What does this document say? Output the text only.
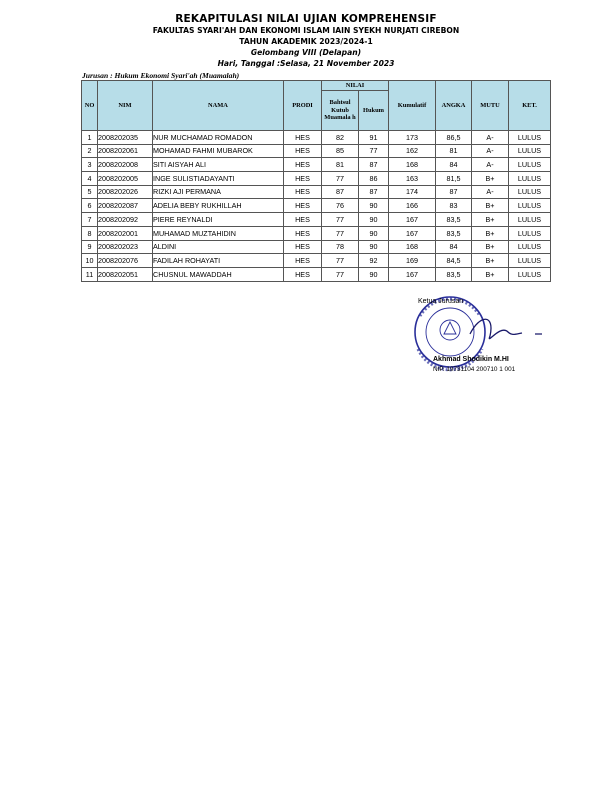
REKAPITULASI NILAI UJIAN KOMPREHENSIF
FAKULTAS SYARI'AH DAN EKONOMI ISLAM IAIN SYEKH NURJATI CIREBON
TAHUN AKADEMIK 2023/2024-1
Gelombang VIII (Delapan)
Hari, Tanggal :Selasa, 21 November 2023
Jurusan : Hukum Ekonomi Syari'ah (Muamalah)
NO	NIM	NAMA	PRODI	NILAI		Kumulatif	ANGKA	MUTU	KET.
				Bahtsul Kutub Muamala h	Hukum				
1	2008202035	NUR MUCHAMAD ROMADON	HES	82	91	173	86,5	A-	LULUS
2	2008202061	MOHAMAD FAHMI MUBAROK	HES	85	77	162	81	A-	LULUS
3	2008202008	SITI AISYAH ALI	HES	81	87	168	84	A-	LULUS
4	2008202005	INGE SULISTIADAYANTI	HES	77	86	163	81,5	B+	LULUS
5	2008202026	RIZKI AJI PERMANA	HES	87	87	174	87	A-	LULUS
6	2008202087	ADELIA BEBY RUKHILLAH	HES	76	90	166	83	B+	LULUS
7	2008202092	PIERE REYNALDI	HES	77	90	167	83,5	B+	LULUS
8	2008202001	MUHAMAD MUZTAHIDIN	HES	77	90	167	83,5	B+	LULUS
9	2008202023	ALDINI	HES	78	90	168	84	B+	LULUS
10	2008202076	FADILAH ROHAYATI	HES	77	92	169	84,5	B+	LULUS
11	2008202051	CHUSNUL MAWADDAH	HES	77	90	167	83,5	B+	LULUS
Ketua Jurusan
Akhmad Shodikin M.HI
NIP. 19731104 200710 1 001
